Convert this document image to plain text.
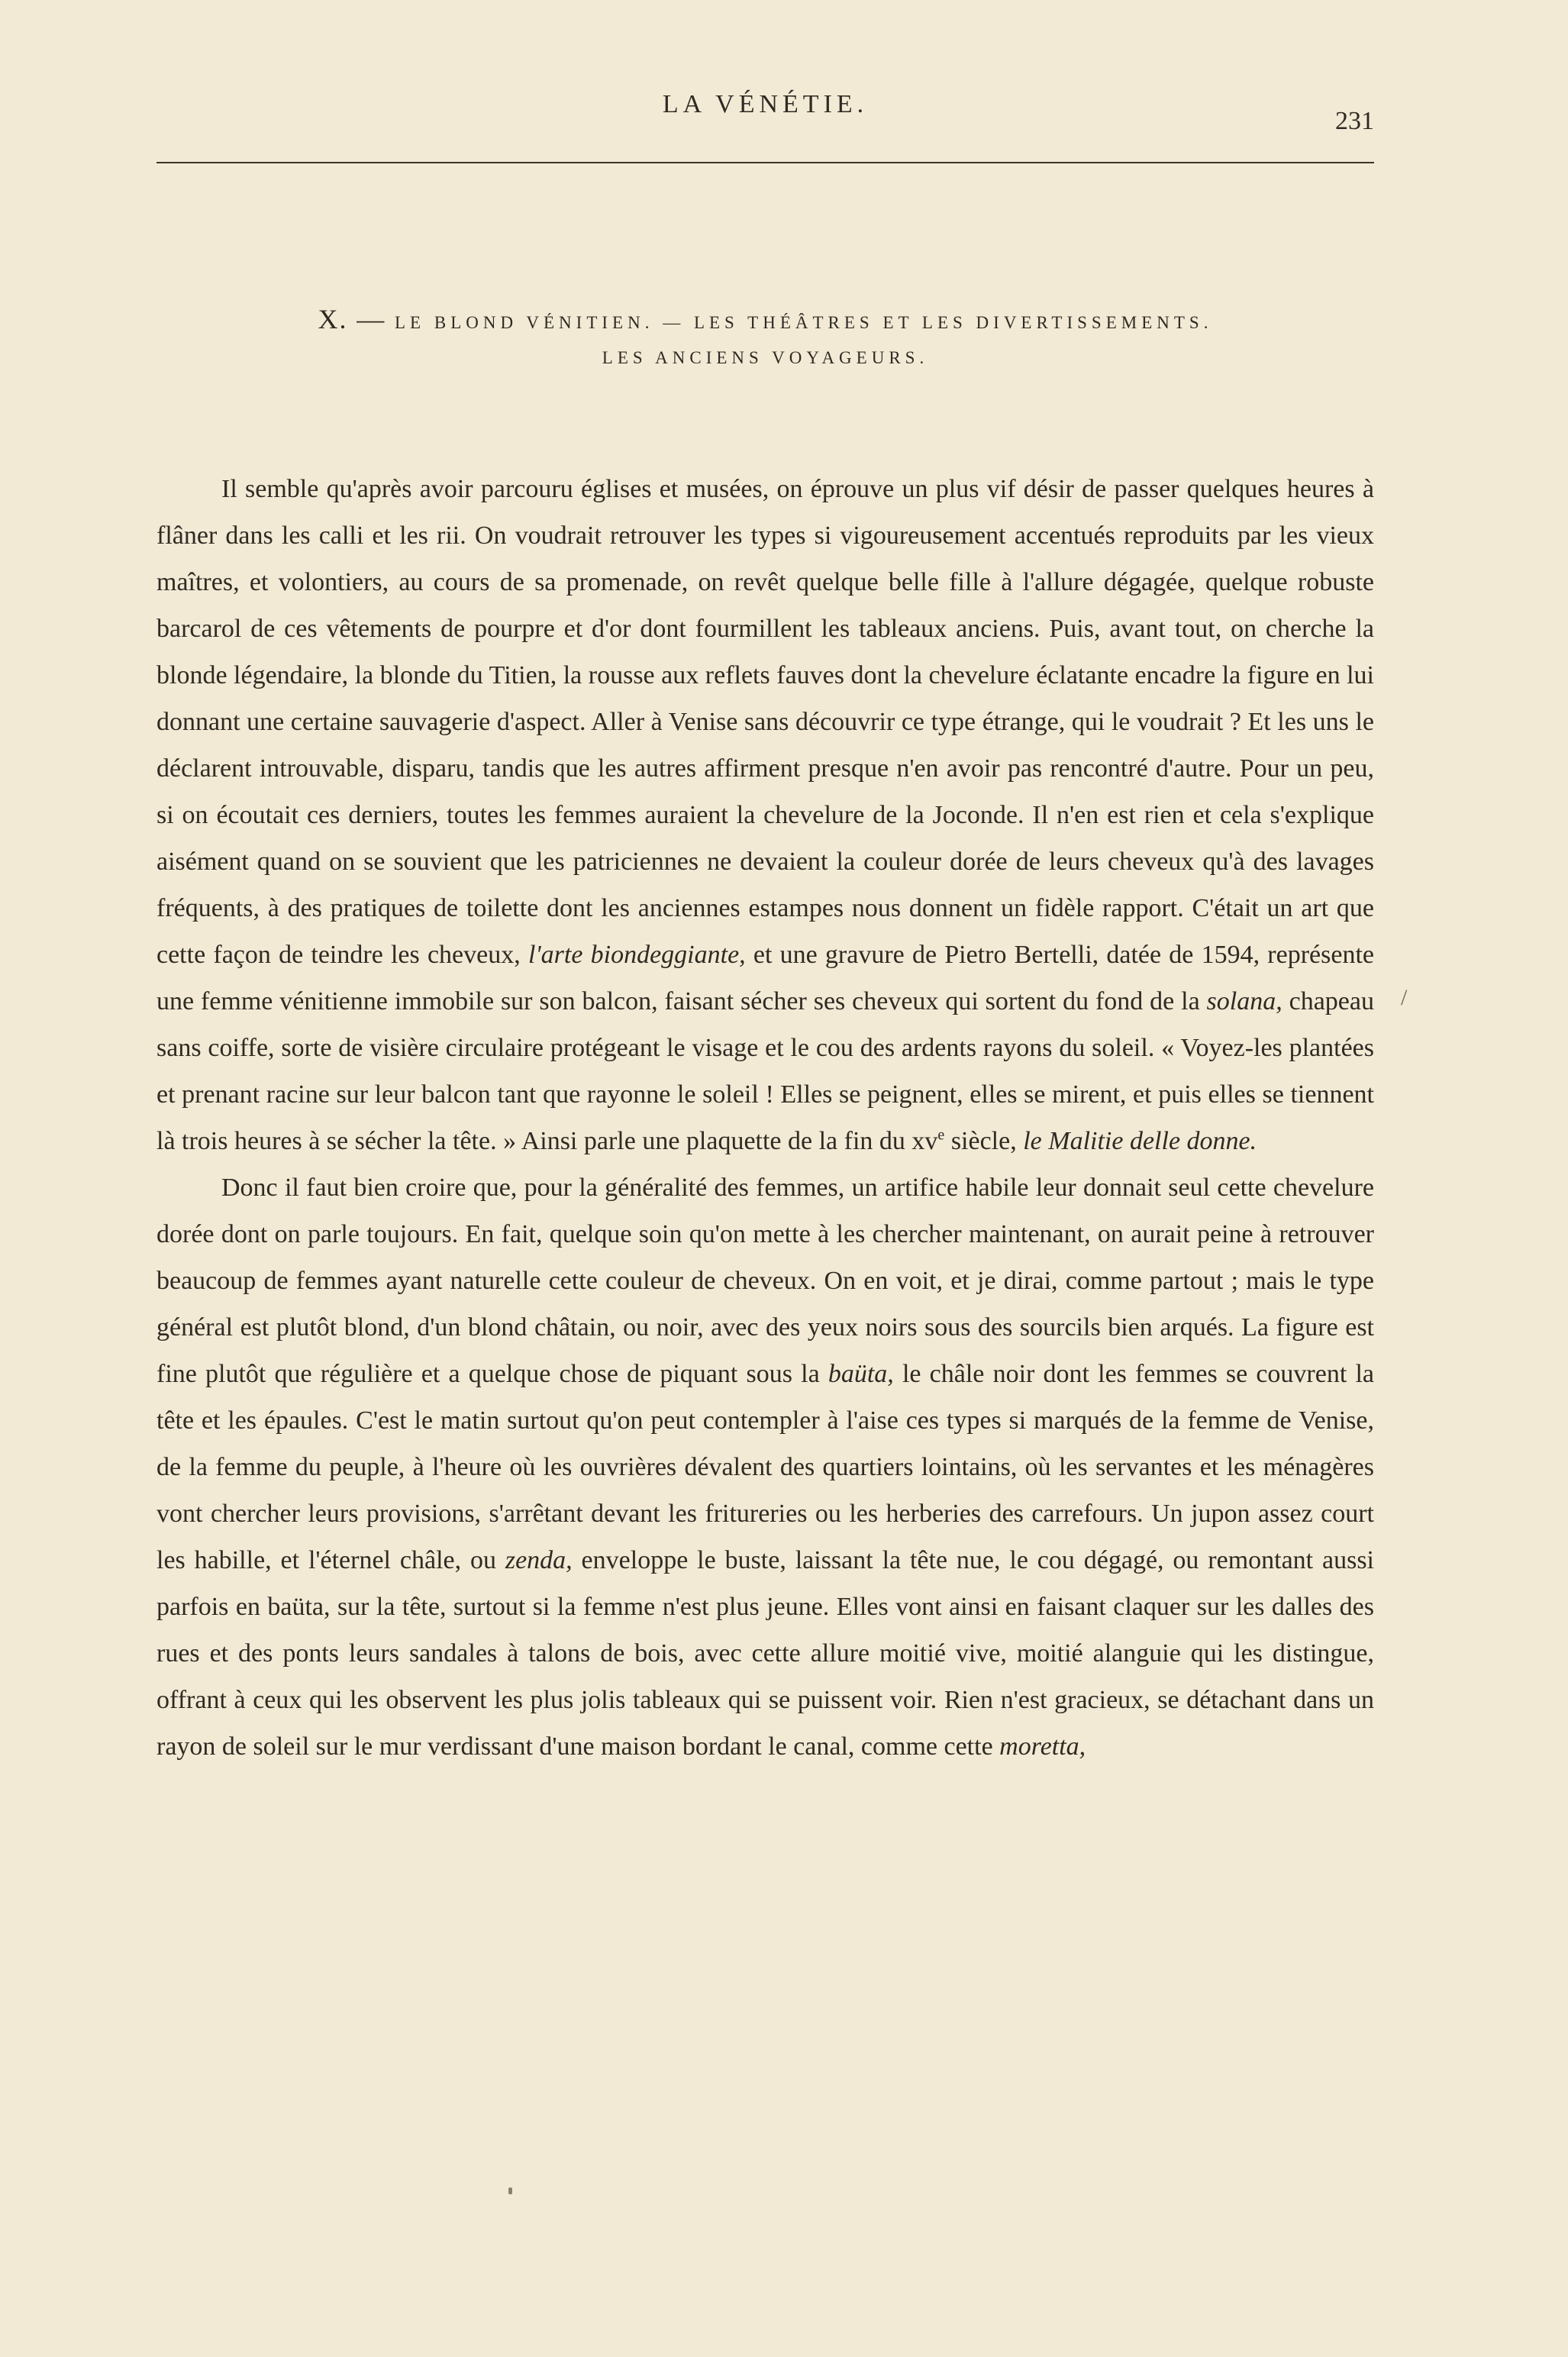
LA VÉNÉTIE.
231
X. — LE BLOND VÉNITIEN. — LES THÉÂTRES ET LES DIVERTISSEMENTS.
LES ANCIENS VOYAGEURS.

Il semble qu'après avoir parcouru églises et musées, on éprouve un plus vif désir de passer quelques heures à flâner dans les calli et les rii. On voudrait retrouver les types si vigoureusement accentués reproduits par les vieux maîtres, et volontiers, au cours de sa promenade, on revêt quelque belle fille à l'allure dégagée, quelque robuste barcarol de ces vêtements de pourpre et d'or dont fourmillent les tableaux anciens. Puis, avant tout, on cherche la blonde légendaire, la blonde du Titien, la rousse aux reflets fauves dont la chevelure éclatante encadre la figure en lui donnant une certaine sauvagerie d'aspect. Aller à Venise sans découvrir ce type étrange, qui le voudrait ? Et les uns le déclarent introuvable, disparu, tandis que les autres affirment presque n'en avoir pas rencontré d'autre. Pour un peu, si on écoutait ces derniers, toutes les femmes auraient la chevelure de la Joconde. Il n'en est rien et cela s'explique aisément quand on se souvient que les patriciennes ne devaient la couleur dorée de leurs cheveux qu'à des lavages fréquents, à des pratiques de toilette dont les anciennes estampes nous donnent un fidèle rapport. C'était un art que cette façon de teindre les cheveux, l'arte biondeggiante, et une gravure de Pietro Bertelli, datée de 1594, représente une femme vénitienne immobile sur son balcon, faisant sécher ses cheveux qui sortent du fond de la solana, chapeau sans coiffe, sorte de visière circulaire protégeant le visage et le cou des ardents rayons du soleil. « Voyez-les plantées et prenant racine sur leur balcon tant que rayonne le soleil ! Elles se peignent, elles se mirent, et puis elles se tiennent là trois heures à se sécher la tête. » Ainsi parle une plaquette de la fin du $xv^e$ siècle, le Malitie delle donne.

Donc il faut bien croire que, pour la généralité des femmes, un artifice habile leur donnait seul cette chevelure dorée dont on parle toujours. En fait, quelque soin qu'on mette à les chercher maintenant, on aurait peine à retrouver beaucoup de femmes ayant naturelle cette couleur de cheveux. On en voit, et je dirai, comme partout ; mais le type général est plutôt blond, d'un blond châtain, ou noir, avec des yeux noirs sous des sourcils bien arqués. La figure est fine plutôt que régulière et a quelque chose de piquant sous la baüta, le châle noir dont les femmes se couvrent la tête et les épaules. C'est le matin surtout qu'on peut contempler à l'aise ces types si marqués de la femme de Venise, de la femme du peuple, à l'heure où les ouvrières dévalent des quartiers lointains, où les servantes et les ménagères vont chercher leurs provisions, s'arrêtant devant les fritureries ou les herberies des carrefours. Un jupon assez court les habille, et l'éternel châle, ou zenda, enveloppe le buste, laissant la tête nue, le cou dégagé, ou remontant aussi parfois en baüta, sur la tête, surtout si la femme n'est plus jeune. Elles vont ainsi en faisant claquer sur les dalles des rues et des ponts leurs sandales à talons de bois, avec cette allure moitié vive, moitié alanguie qui les distingue, offrant à ceux qui les observent les plus jolis tableaux qui se puissent voir. Rien n'est gracieux, se détachant dans un rayon de soleil sur le mur verdissant d'une maison bordant le canal, comme cette moretta,

/
